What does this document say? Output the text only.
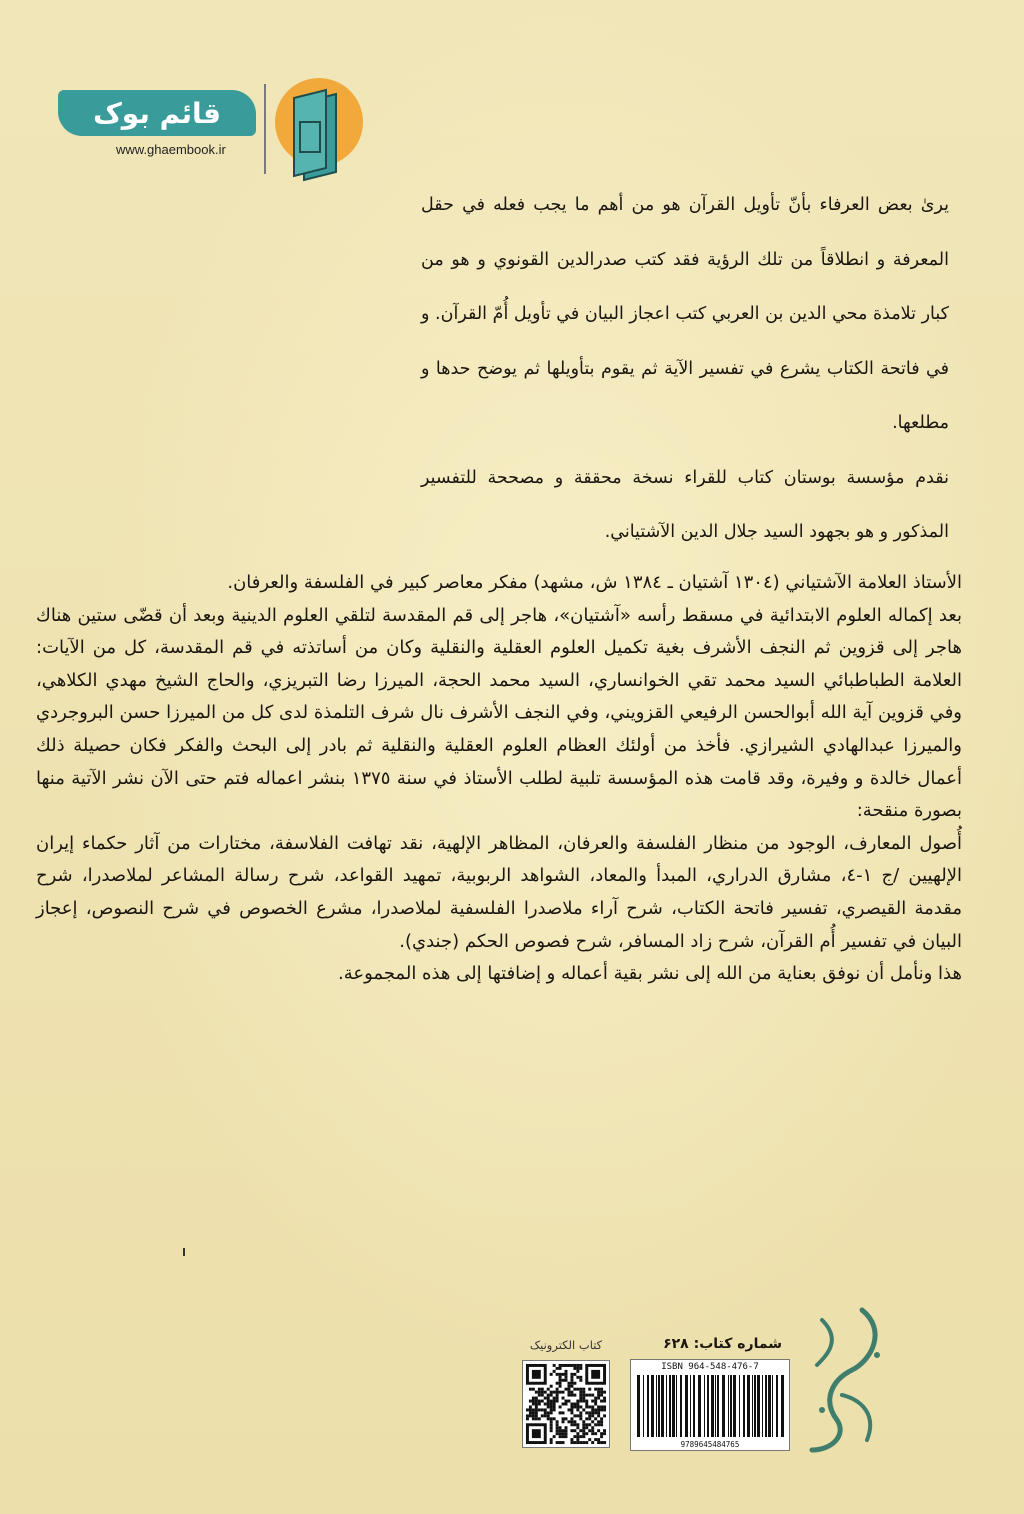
قائم بوک
www.ghaembook.ir

يرىٰ بعض العرفاء بأنّ تأويل القرآن هو من أهم ما يجب فعله في حقل المعرفة و انطلاقاً من تلك الرؤية فقد كتب صدرالدين القونوي و هو من كبار تلامذة محي الدين بن العربي كتب اعجاز البيان في تأويل أُمّ القرآن. و في فاتحة الكتاب يشرع في تفسير الآية ثم يقوم بتأويلها ثم يوضح حدها و مطلعها.

نقدم مؤسسة بوستان كتاب للقراء نسخة محققة و مصححة للتفسير المذكور و هو بجهود السيد جلال الدين الآشتياني.

الأستاذ العلامة الآشتياني (١٣٠٤ آشتيان ـ ١٣٨٤ ش، مشهد) مفكر معاصر كبير في الفلسفة والعرفان.

بعد إكماله العلوم الابتدائية في مسقط رأسه «آشتيان»، هاجر إلى قم المقدسة لتلقي العلوم الدينية وبعد أن قضّى ستين هناك هاجر إلى قزوين ثم النجف الأشرف بغية تكميل العلوم العقلية والنقلية وكان من أساتذته في قم المقدسة، كل من الآيات: العلامة الطباطبائي السيد محمد تقي الخوانساري، السيد محمد الحجة، الميرزا رضا التبريزي، والحاج الشيخ مهدي الكلاهي، وفي قزوين آية الله أبوالحسن الرفيعي القزويني، وفي النجف الأشرف نال شرف التلمذة لدى كل من الميرزا حسن البروجردي والميرزا عبدالهادي الشيرازي. فأخذ من أولئك العظام العلوم العقلية والنقلية ثم بادر إلى البحث والفكر فكان حصيلة ذلك أعمال خالدة و وفيرة، وقد قامت هذه المؤسسة تلبية لطلب الأستاذ في سنة ١٣٧٥ بنشر اعماله فتم حتى الآن نشر الآتية منها بصورة منقحة:

أُصول المعارف، الوجود من منظار الفلسفة والعرفان، المظاهر الإلهية، نقد تهافت الفلاسفة، مختارات من آثار حكماء إيران الإلهيين /ج ١-٤، مشارق الدراري، المبدأ والمعاد، الشواهد الربوبية، تمهيد القواعد، شرح رسالة المشاعر لملاصدرا، شرح مقدمة القيصري، تفسير فاتحة الكتاب، شرح آراء ملاصدرا الفلسفية لملاصدرا، مشرع الخصوص في شرح النصوص، إعجاز البيان في تفسير أُم القرآن، شرح زاد المسافر، شرح فصوص الحكم (جندي).

هذا ونأمل أن نوفق بعناية من الله إلى نشر بقية أعماله و إضافتها إلى هذه المجموعة.

شماره كتاب: ۶۲۸
کتاب الکترونیک
ISBN 964-548-476-7
9789645484765
